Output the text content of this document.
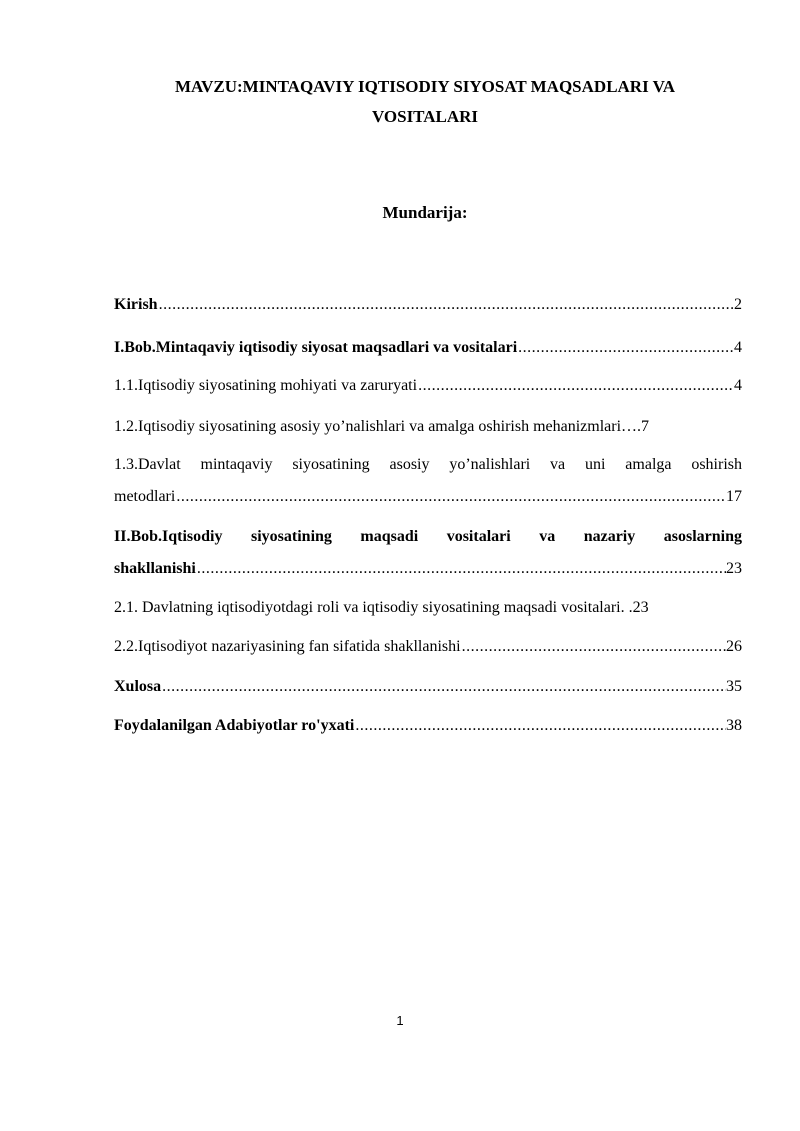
MAVZU:MINTAQAVIY IQTISODIY SIYOSAT MAQSADLARI VA
VOSITALARI
Mundarija:
Kirish .....	2
I.Bob.Mintaqaviy iqtisodiy siyosat maqsadlari va vositalari .....	4
1.1.Iqtisodiy siyosatining mohiyati va zaruryati .....	4
1.2.Iqtisodiy siyosatining asosiy yo’nalishlari va amalga oshirish mehanizmlari….7
1.3.Davlat mintaqaviy siyosatining asosiy yo’nalishlari va uni amalga oshirish
metodlari .....	17
II.Bob.Iqtisodiy siyosatining maqsadi vositalari va nazariy asoslarning
shakllanishi .....	23
2.1. Davlatning iqtisodiyotdagi roli va iqtisodiy siyosatining maqsadi vositalari. .23
2.2.Iqtisodiyot nazariyasining fan sifatida shakllanishi .....	26
Xulosa .....	35
Foydalanilgan Adabiyotlar ro'yxati .....	38
1
